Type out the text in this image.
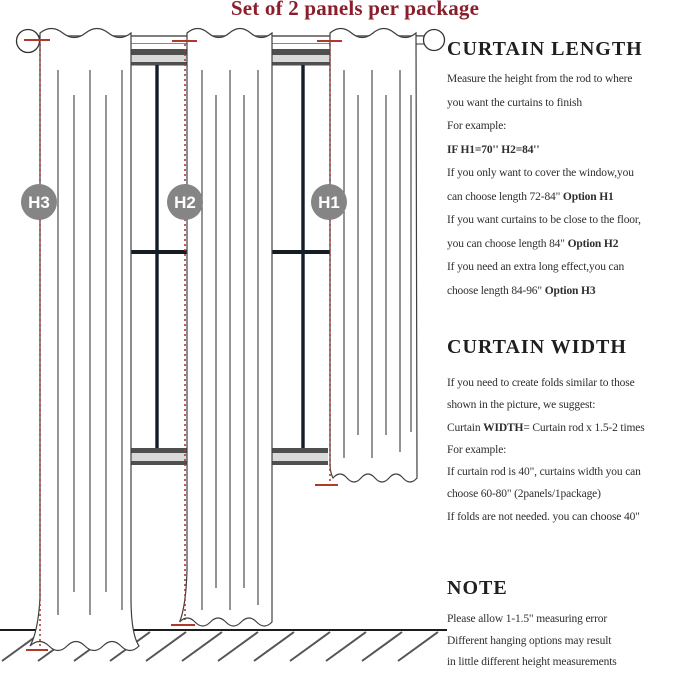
Set of 2 panels per package
H3	H2	H1
CURTAIN LENGTH

Measure the height from the rod to where

you want the curtains to finish

For example:

IF H1=70'' H2=84''

If you only want to cover the window,you

can choose length 72-84" Option H1

If you want curtains to be close to the floor,

you can choose length 84" Option H2

If you need an extra long effect,you can

choose length 84-96" Option H3

CURTAIN WIDTH

If you need to create folds similar to those

shown in the picture, we suggest:

Curtain WIDTH= Curtain rod x 1.5-2 times

For example:

If curtain rod is 40", curtains width you can

choose 60-80" (2panels/1package)

If folds are not needed. you can choose 40"

NOTE

Please allow 1-1.5" measuring error

Different hanging options may result

in little different height measurements
